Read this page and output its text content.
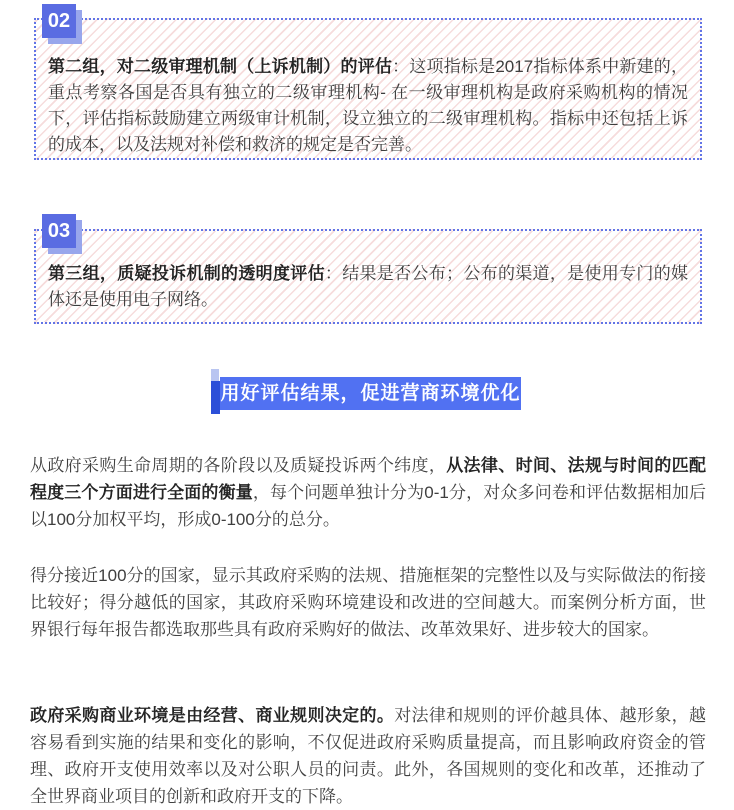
02

第二组，对二级审理机制（上诉机制）的评估：这项指标是2017指标体系中新建的，重点考察各国是否具有独立的二级审理机构- 在一级审理机构是政府采购机构的情况下，评估指标鼓励建立两级审计机制，设立独立的二级审理机构。指标中还包括上诉的成本，以及法规对补偿和救济的规定是否完善。

03

第三组，质疑投诉机制的透明度评估：结果是否公布；公布的渠道，是使用专门的媒体还是使用电子网络。

用好评估结果，促进营商环境优化

从政府采购生命周期的各阶段以及质疑投诉两个纬度，从法律、时间、法规与时间的匹配程度三个方面进行全面的衡量，每个问题单独计分为0-1分，对众多问卷和评估数据相加后以100分加权平均，形成0-100分的总分。

得分接近100分的国家，显示其政府采购的法规、措施框架的完整性以及与实际做法的衔接比较好；得分越低的国家，其政府采购环境建设和改进的空间越大。而案例分析方面，世界银行每年报告都选取那些具有政府采购好的做法、改革效果好、进步较大的国家。

政府采购商业环境是由经营、商业规则决定的。对法律和规则的评价越具体、越形象，越容易看到实施的结果和变化的影响，不仅促进政府采购质量提高，而且影响政府资金的管理、政府开支使用效率以及对公职人员的问责。此外，各国规则的变化和改革，还推动了全世界商业项目的创新和政府开支的下降。
